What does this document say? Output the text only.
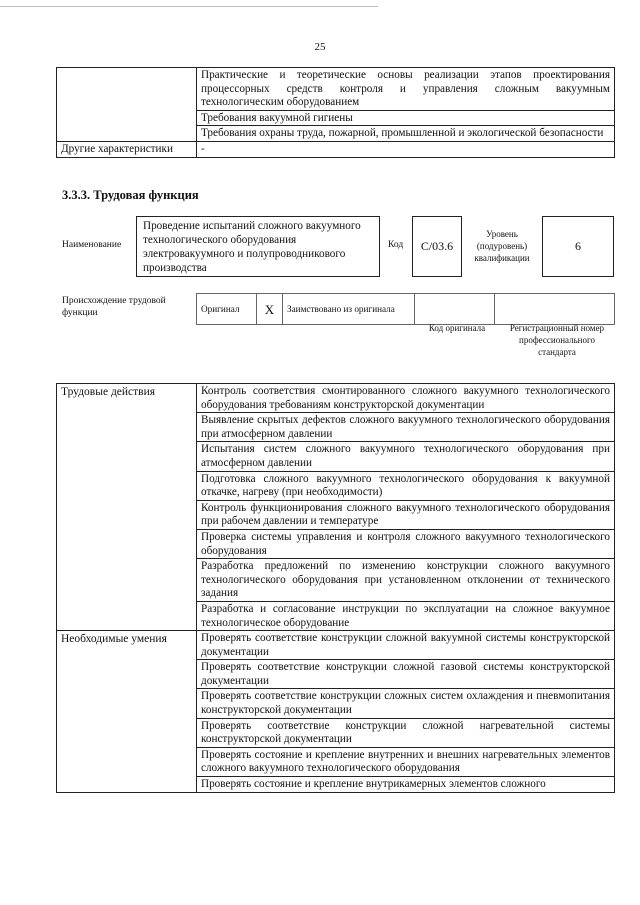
25
	Практические и теоретические основы реализации этапов проектирования процессорных средств контроля и управления сложным вакуумным технологическим оборудованием
	Требования вакуумной гигиены
	Требования охраны труда, пожарной, промышленной и экологической безопасности
Другие характеристики	-
3.3.3. Трудовая функция
Наименование
Проведение испытаний сложного вакуумного технологического оборудования электровакуумного и полупроводникового производства
Код C/03.6
Уровень (подуровень) квалификации
6
Происхождение трудовой функции	Оригинал	X	Заимствовано из оригинала		
Код оригинала	Регистрационный номер профессионального стандарта
Трудовые действия	Контроль соответствия смонтированного сложного вакуумного технологического оборудования требованиям конструкторской документации
	Выявление скрытых дефектов сложного вакуумного технологического оборудования при атмосферном давлении
	Испытания систем сложного вакуумного технологического оборудования при атмосферном давлении
	Подготовка сложного вакуумного технологического оборудования к вакуумной откачке, нагреву (при необходимости)
	Контроль функционирования сложного вакуумного технологического оборудования при рабочем давлении и температуре
	Проверка системы управления и контроля сложного вакуумного технологического оборудования
	Разработка предложений по изменению конструкции сложного вакуумного технологического оборудования при установленном отклонении от технического задания
	Разработка и согласование инструкции по эксплуатации на сложное вакуумное технологическое оборудование
Необходимые умения	Проверять соответствие конструкции сложной вакуумной системы конструкторской документации
	Проверять соответствие конструкции сложной газовой системы конструкторской документации
	Проверять соответствие конструкции сложных систем охлаждения и пневмопитания конструкторской документации
	Проверять соответствие конструкции сложной нагревательной системы конструкторской документации
	Проверять состояние и крепление внутренних и внешних нагревательных элементов сложного вакуумного технологического оборудования
	Проверять состояние и крепление внутрикамерных элементов сложного
